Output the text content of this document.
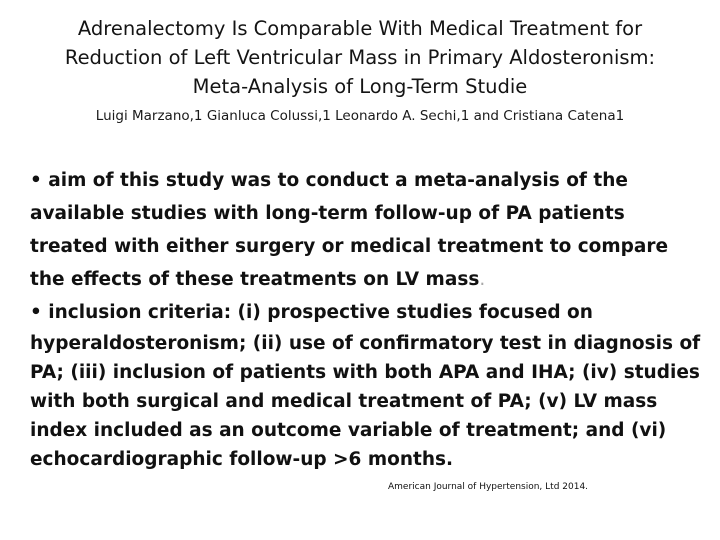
Adrenalectomy Is Comparable With Medical Treatment for
Reduction of Left Ventricular Mass in Primary Aldosteronism:
Meta-Analysis of Long-Term Studie
Luigi Marzano,1 Gianluca Colussi,1 Leonardo A. Sechi,1 and Cristiana Catena1

• aim of this study was to conduct a meta-analysis of the
available studies with long-term follow-up of PA patients
treated with either surgery or medical treatment to compare
the effects of these treatments on LV mass.

• inclusion criteria: (i) prospective studies focused on
hyperaldosteronism; (ii) use of confirmatory test in diagnosis of
PA; (iii) inclusion of patients with both APA and IHA; (iv) studies
with both surgical and medical treatment of PA; (v) LV mass
index included as an outcome variable of treatment; and (vi)
echocardiographic follow-up >6 months.

American Journal of Hypertension, Ltd 2014.
